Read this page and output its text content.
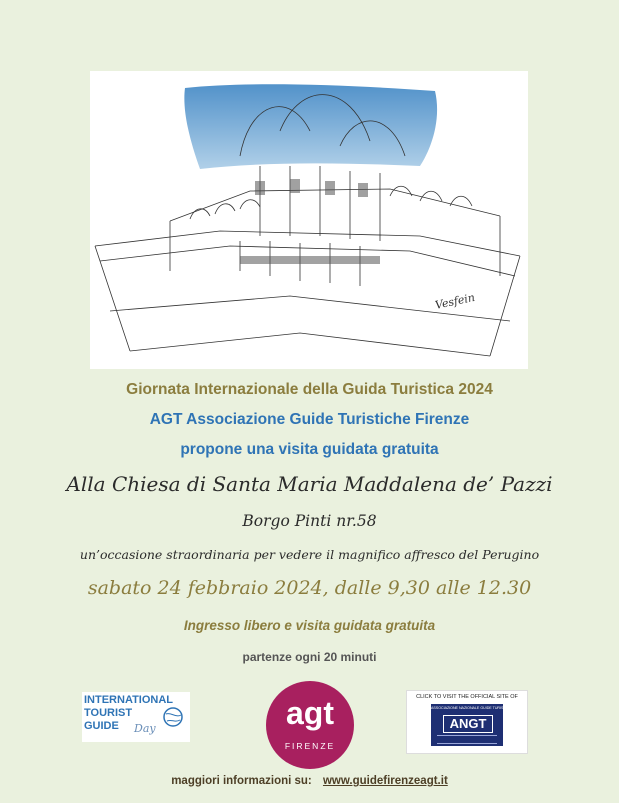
Vesfein
Giornata Internazionale della Guida Turistica 2024
AGT Associazione Guide Turistiche Firenze
propone una visita guidata gratuita
Alla Chiesa di Santa Maria Maddalena de’ Pazzi
Borgo Pinti nr.58
un’occasione straordinaria per vedere il magnifico affresco del Perugino
sabato 24 febbraio 2024, dalle 9,30 alle 12.30
Ingresso libero e visita guidata gratuita
partenze ogni 20 minuti
INTERNATIONAL
TOURIST
GUIDE	Day	agt
FIRENZE
CLICK TO VISIT THE OFFICIAL SITE OF
ASSOCIAZIONE NAZIONALE GUIDE TURISTICHE
ANGT
maggiori informazioni su: www.guidefirenzeagt.it
